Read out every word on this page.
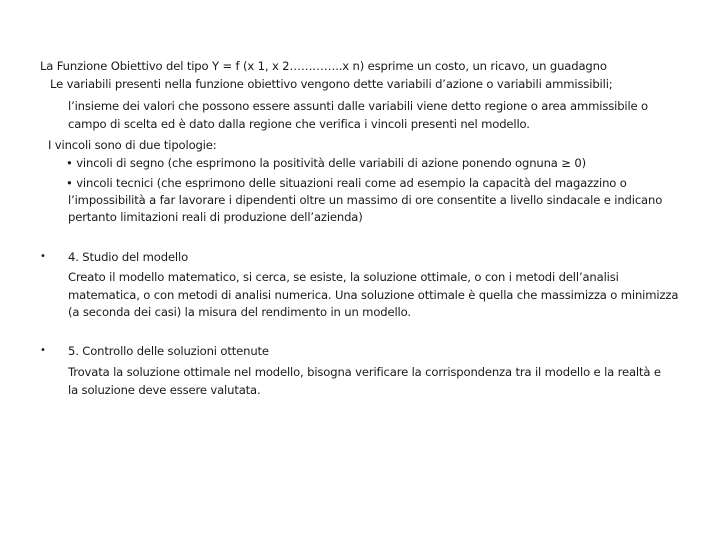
La Funzione Obiettivo del tipo Y = f (x 1, x 2…………..x n) esprime un costo, un ricavo, un guadagno
Le variabili presenti nella funzione obiettivo vengono dette variabili d’azione o variabili ammissibili;
l’insieme dei valori che possono essere assunti dalle variabili viene detto regione o area ammissibile o
campo di scelta ed è dato dalla regione che verifica i vincoli presenti nel modello.
I vincoli sono di due tipologie:
• vincoli di segno (che esprimono la positività delle variabili di azione ponendo ognuna ≥ 0)
• vincoli tecnici (che esprimono delle situazioni reali come ad esempio la capacità del magazzino o
l’impossibilità a far lavorare i dipendenti oltre un massimo di ore consentite a livello sindacale e indicano
pertanto limitazioni reali di produzione dell’azienda)
• 4. Studio del modello
Creato il modello matematico, si cerca, se esiste, la soluzione ottimale, o con i metodi dell’analisi
matematica, o con metodi di analisi numerica. Una soluzione ottimale è quella che massimizza o minimizza
(a seconda dei casi) la misura del rendimento in un modello.
• 5. Controllo delle soluzioni ottenute
Trovata la soluzione ottimale nel modello, bisogna verificare la corrispondenza tra il modello e la realtà e
la soluzione deve essere valutata.
